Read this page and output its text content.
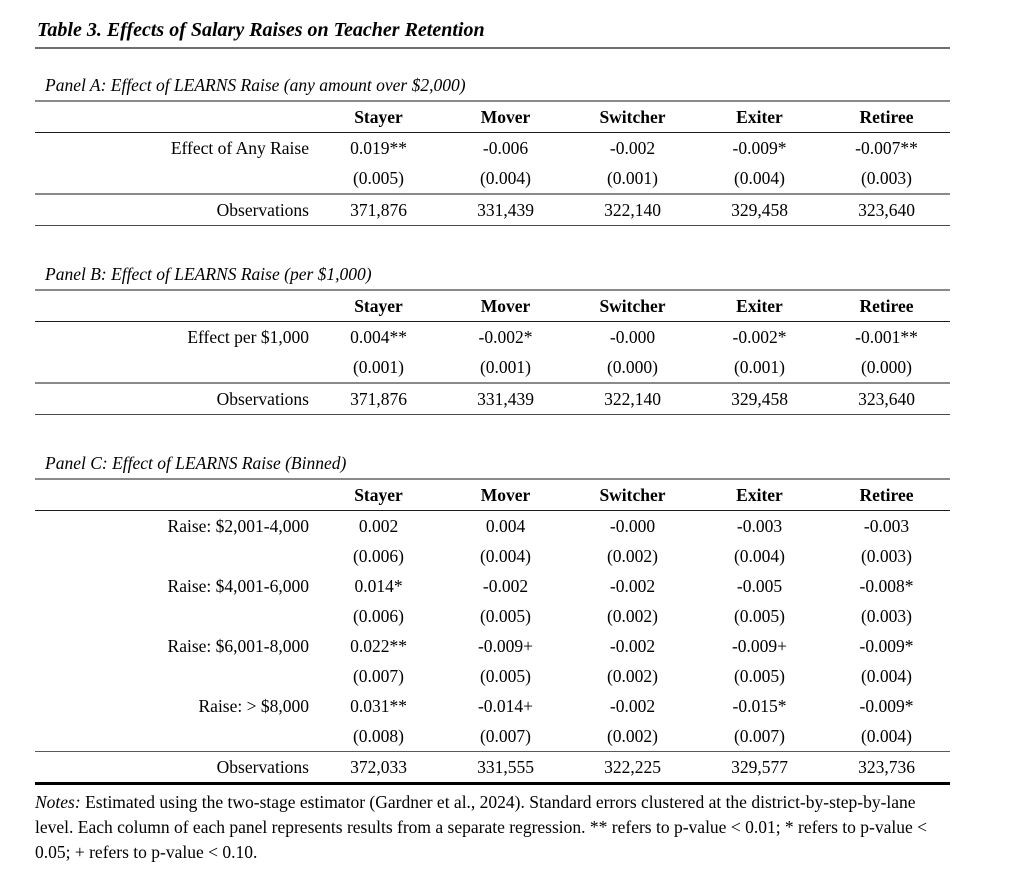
Table 3. Effects of Salary Raises on Teacher Retention
Panel A: Effect of LEARNS Raise (any amount over $2,000)
	Stayer	Mover	Switcher	Exiter	Retiree
Effect of Any Raise	0.019**	-0.006	-0.002	-0.009*	-0.007**
	(0.005)	(0.004)	(0.001)	(0.004)	(0.003)
Observations	371,876	331,439	322,140	329,458	323,640
Panel B: Effect of LEARNS Raise (per $1,000)
	Stayer	Mover	Switcher	Exiter	Retiree
Effect per $1,000	0.004**	-0.002*	-0.000	-0.002*	-0.001**
	(0.001)	(0.001)	(0.000)	(0.001)	(0.000)
Observations	371,876	331,439	322,140	329,458	323,640
Panel C: Effect of LEARNS Raise (Binned)
	Stayer	Mover	Switcher	Exiter	Retiree
Raise: $2,001-4,000	0.002	0.004	-0.000	-0.003	-0.003
	(0.006)	(0.004)	(0.002)	(0.004)	(0.003)
Raise: $4,001-6,000	0.014*	-0.002	-0.002	-0.005	-0.008*
	(0.006)	(0.005)	(0.002)	(0.005)	(0.003)
Raise: $6,001-8,000	0.022**	-0.009+	-0.002	-0.009+	-0.009*
	(0.007)	(0.005)	(0.002)	(0.005)	(0.004)
Raise: > $8,000	0.031**	-0.014+	-0.002	-0.015*	-0.009*
	(0.008)	(0.007)	(0.002)	(0.007)	(0.004)
Observations	372,033	331,555	322,225	329,577	323,736

Notes: Estimated using the two-stage estimator (Gardner et al., 2024). Standard errors clustered at the district-by-step-by-lane level. Each column of each panel represents results from a separate regression. ** refers to p-value < 0.01; * refers to p-value < 0.05; + refers to p-value < 0.10.
